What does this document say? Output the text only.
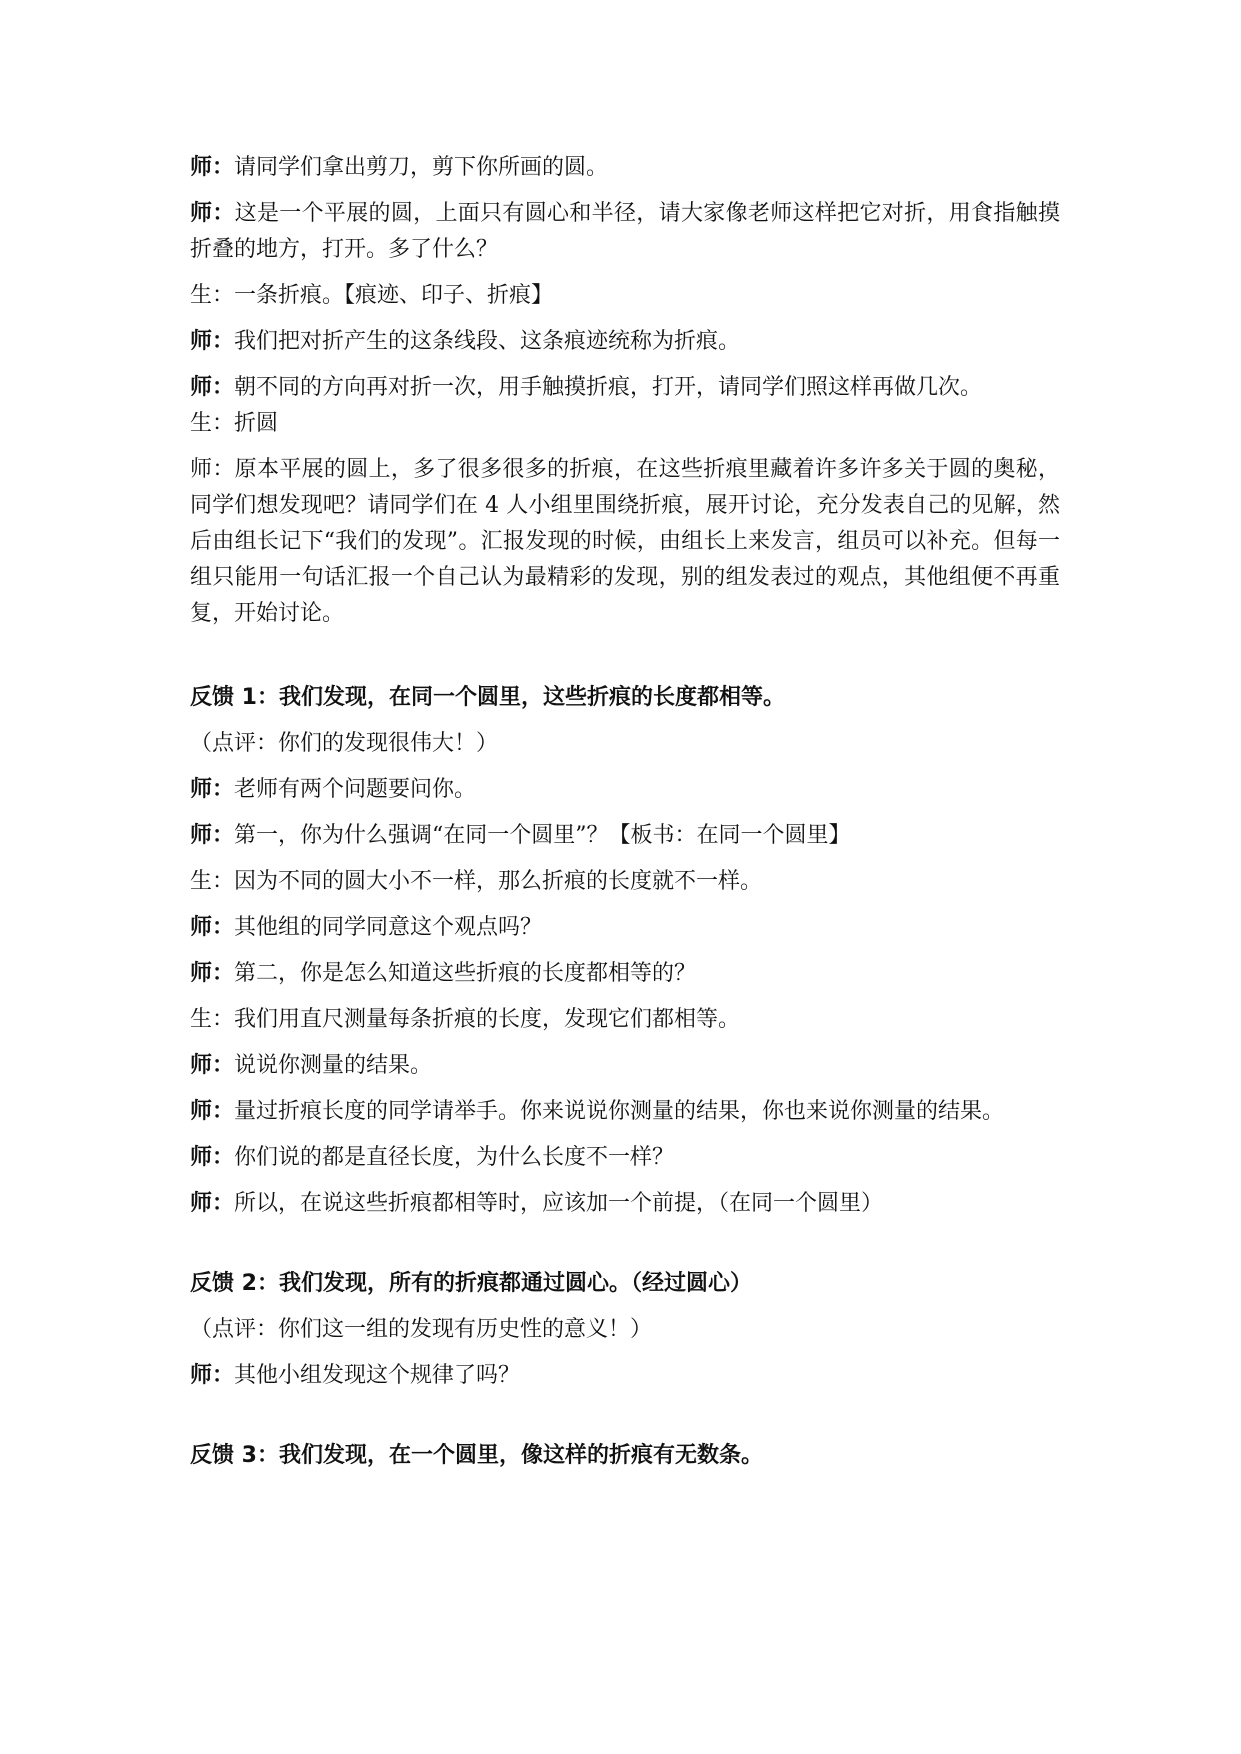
师：请同学们拿出剪刀，剪下你所画的圆。

师：这是一个平展的圆，上面只有圆心和半径，请大家像老师这样把它对折，用食指触摸折叠的地方，打开。多了什么？

生：一条折痕。【痕迹、印子、折痕】

师：我们把对折产生的这条线段、这条痕迹统称为折痕。

师：朝不同的方向再对折一次，用手触摸折痕，打开，请同学们照这样再做几次。

生：折圆

师：原本平展的圆上，多了很多很多的折痕，在这些折痕里藏着许多许多关于圆的奥秘，同学们想发现吧？请同学们在 4 人小组里围绕折痕，展开讨论，充分发表自己的见解，然后由组长记下“我们的发现”。汇报发现的时候，由组长上来发言，组员可以补充。但每一组只能用一句话汇报一个自己认为最精彩的发现，别的组发表过的观点，其他组便不再重复，开始讨论。

反馈 1：我们发现，在同一个圆里，这些折痕的长度都相等。

（点评：你们的发现很伟大！）

师：老师有两个问题要问你。

师：第一，你为什么强调“在同一个圆里”？【板书：在同一个圆里】

生：因为不同的圆大小不一样，那么折痕的长度就不一样。

师：其他组的同学同意这个观点吗？

师：第二，你是怎么知道这些折痕的长度都相等的？

生：我们用直尺测量每条折痕的长度，发现它们都相等。

师：说说你测量的结果。

师：量过折痕长度的同学请举手。你来说说你测量的结果，你也来说你测量的结果。

师：你们说的都是直径长度，为什么长度不一样？

师：所以，在说这些折痕都相等时，应该加一个前提，（在同一个圆里）

反馈 2：我们发现，所有的折痕都通过圆心。（经过圆心）

（点评：你们这一组的发现有历史性的意义！）

师：其他小组发现这个规律了吗？

反馈 3：我们发现，在一个圆里，像这样的折痕有无数条。
